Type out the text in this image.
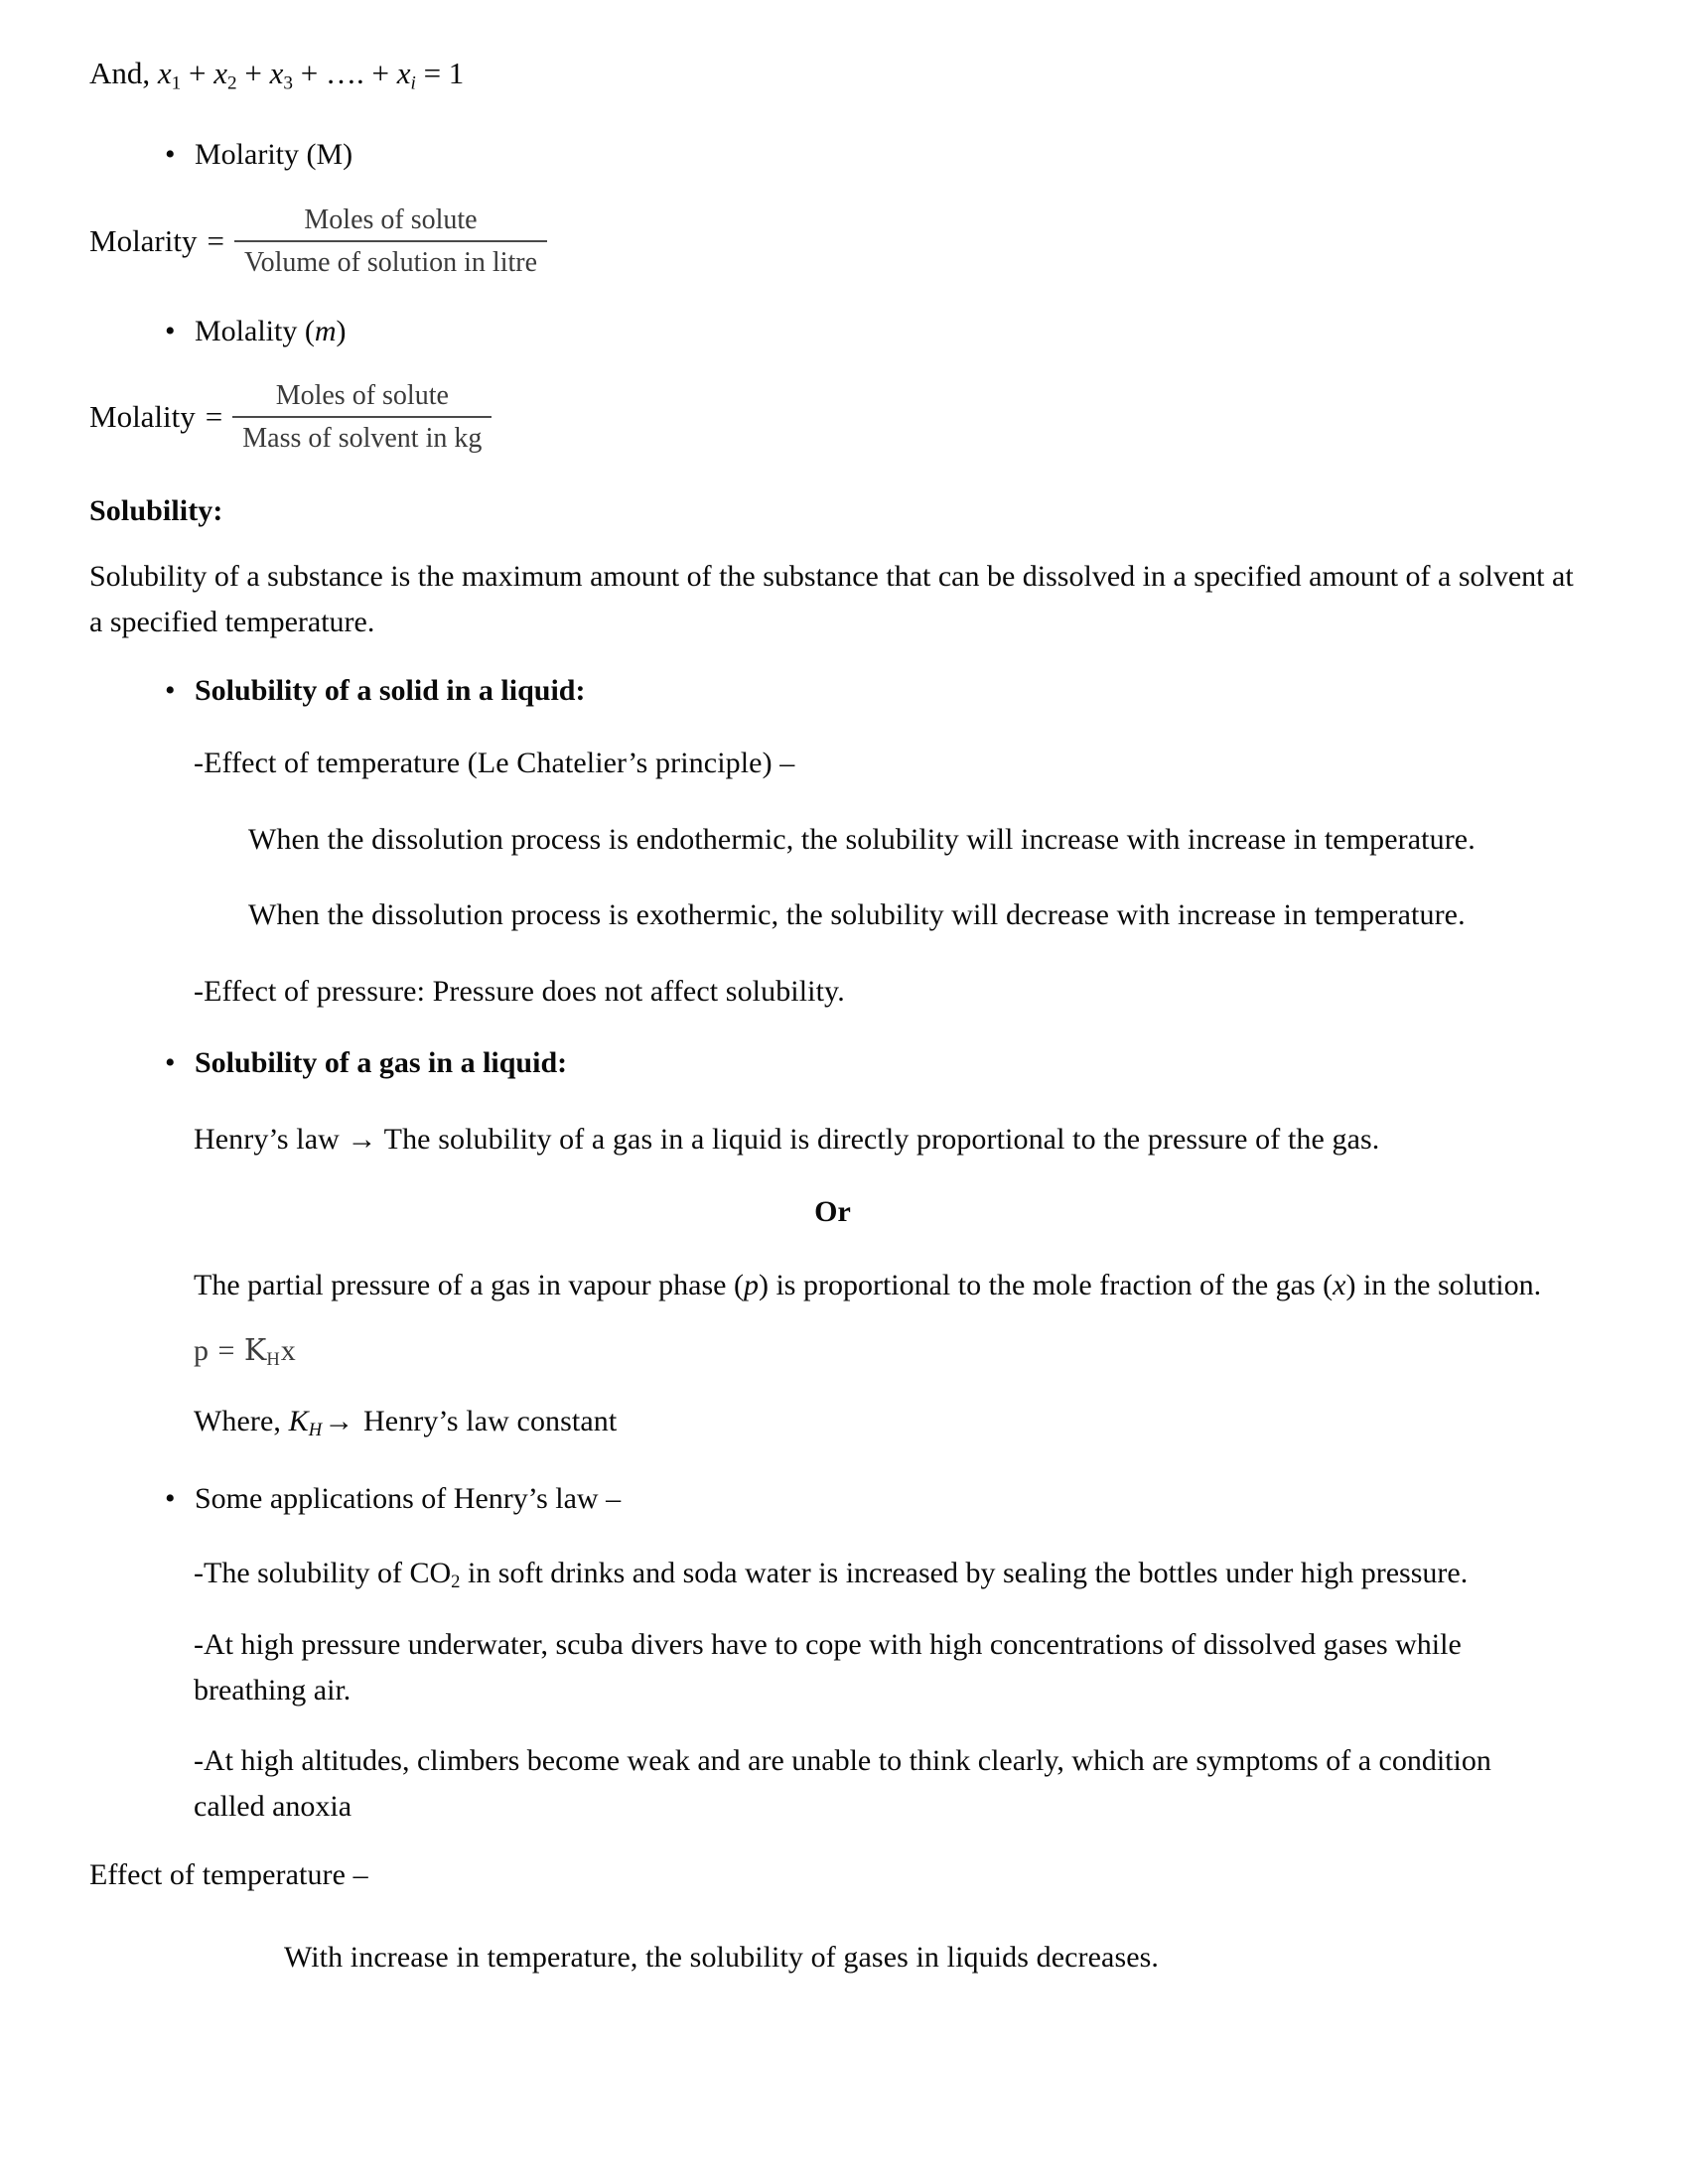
And, $x_1 + x_2 + x_3$ + …. + $x_i = 1$
• Molarity (M)
Molarity = $\frac{\text{Moles of solute}}{\text{Volume of solution in litre}}$
• Molality (m)
Molality = $\frac{\text{Moles of solute}}{\text{Mass of solvent in kg}}$
Solubility:

Solubility of a substance is the maximum amount of the substance that can be dissolved in a specified amount of a solvent at a specified temperature.

• Solubility of a solid in a liquid:
-Effect of temperature (Le Chatelier’s principle) –
When the dissolution process is endothermic, the solubility will increase with increase in temperature.
When the dissolution process is exothermic, the solubility will decrease with increase in temperature.
-Effect of pressure: Pressure does not affect solubility.
• Solubility of a gas in a liquid:
Henry’s law → The solubility of a gas in a liquid is directly proportional to the pressure of the gas.
Or

The partial pressure of a gas in vapour phase (p) is proportional to the mole fraction of the gas (x) in the solution.

$p = K_Hx$
Where, $K_H\to$ Henry’s law constant
• Some applications of Henry’s law –

-The solubility of $CO_2$ in soft drinks and soda water is increased by sealing the bottles under high pressure.

-At high pressure underwater, scuba divers have to cope with high concentrations of dissolved gases while breathing air.

-At high altitudes, climbers become weak and are unable to think clearly, which are symptoms of a condition called anoxia

Effect of temperature –
With increase in temperature, the solubility of gases in liquids decreases.
